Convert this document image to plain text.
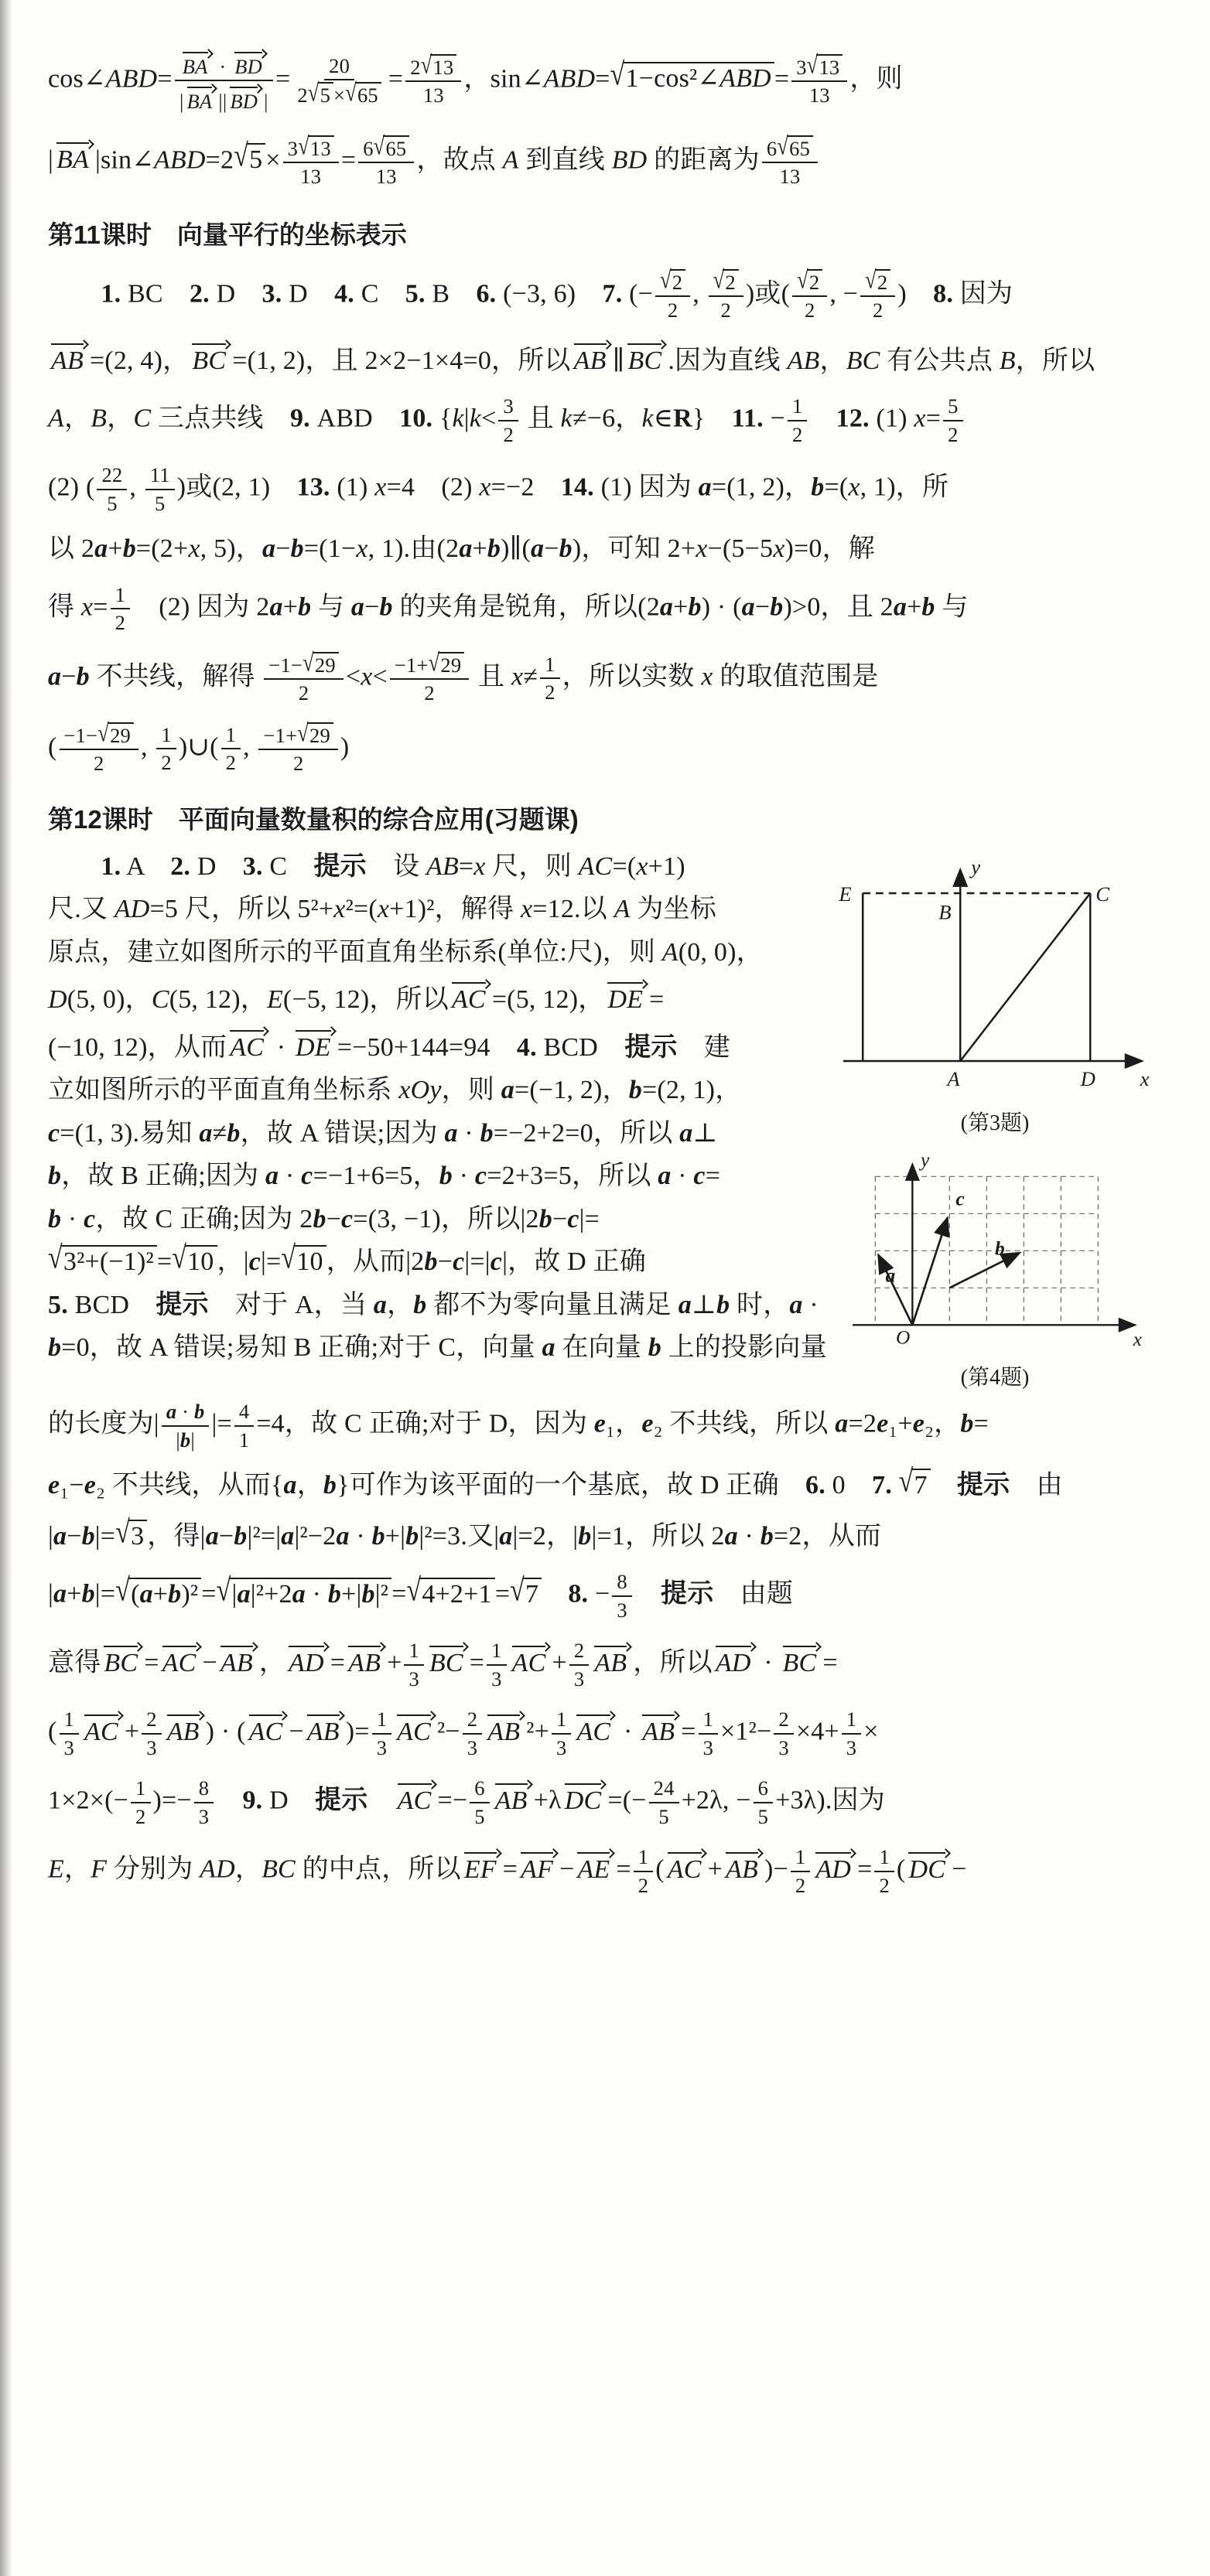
cos∠ABD= $\frac{BA \cdot BD}{| BA || BD |} = \frac{20}{2√5 \times√65} = \frac{2√13}{13}$ ，sin∠ABD=√1−cos²∠ABD = $\frac{3√13}{13}$ ，则
| BA |sin∠ABD=2√5 × $\frac{3√13}{13} = \frac{6√65}{13}$ ，故点 A 到直线 BD 的距离为 $\frac{6√65}{13}$
第11课时　向量平行的坐标表示
　　1. BC　2. D　3. D　4. C　5. B　6. (−3, 6)　7. (− $\frac{√2}{2}$ , $\frac{√2}{2}$ )或( $\frac{√2}{2}$ , − $\frac{√2}{2}$ )　8. 因为
AB =(2, 4)， BC =(1, 2)，且 2×2−1×4=0，所以 AB ∥ BC .因为直线 AB，BC 有公共点 B，所以
A，B，C 三点共线　9. ABD　10. {$k|k< \frac{3}{2}$ 且 k≠−6，k∈R}　11. − $\frac{1}{2}$
　 12. (1) $x= \frac{5}{2}$
(2) ( $\frac{22}{5}$ , $\frac{11}{5}$ )或(2, 1)　13. (1) x=4　(2) x=−2　14. (1) 因为 a=(1, 2)，b=(x, 1)，所
以 2a+b=(2+x, 5)，a−b=(1−x, 1).由(2a+b)∥(a−b)，可知 2+x−(5−5x)=0，解
得 $x= \frac{1}{2}$ 　(2) 因为 2a+b 与 a−b 的夹角是锐角，所以(2a+b) · (a−b)>0，且 2a+b 与
a−b 不共线，解得 $\frac{-1-√29}{2} <x< \frac{-1+√29}{2}$ 且 $x\ne \frac{1}{2}$ ，所以实数 x 的取值范围是
( $\frac{-1-√29}{2}$ , $\frac{1}{2}$ )∪( $\frac{1}{2}$ , $\frac{-1+√29}{2}$ )
第12课时　平面向量数量积的综合应用(习题课)
　　1. A　2. D　3. C　提示　设 AB=x 尺，则 AC=(x+1)
尺.又 AD=5 尺，所以 5²+x²=(x+1)²，解得 x=12.以 A 为坐标
原点，建立如图所示的平面直角坐标系(单位:尺)，则 A(0, 0)，
D(5, 0)，C(5, 12)，E(−5, 12)，所以 AC =(5, 12)， DE =
(−10, 12)，从而 AC · DE =−50+144=94　4. BCD　提示　建
立如图所示的平面直角坐标系 xOy，则 a=(−1, 2)，b=(2, 1)，
c=(1, 3).易知 a≠b，故 A 错误;因为 a · b=−2+2=0，所以 a⊥
b，故 B 正确;因为 a · c=−1+6=5，b · c=2+3=5，所以 a · c=
b · c，故 C 正确;因为 2b−c=(3, −1)，所以|2b−c|=
√3²+(−1)² =√10 ，|c|=√10 ，从而|2b−c|=|c|，故 D 正确
5. BCD　提示　对于 A，当 a，b 都不为零向量且满足 a⊥b 时，a ·
b=0，故 A 错误;易知 B 正确;对于 C，向量 a 在向量 b 上的投影向量
E
B
C
A	D
y
x
(第3题)
a
b
c
O	x
y
(第4题)
的长度为| $\frac{a \cdot b}{|b|}$ |= $\frac{4}{1} =4$，故 C 正确;对于 D，因为 e₁，e₂ 不共线，所以 a=2e₁+e₂，b=
e₁−e₂ 不共线，从而{a，b}可作为该平面的一个基底，故 D 正确　6. 0　7. √7　 提示　由
|a−b|=√3 ，得|a−b|²=|a|²−2a · b+|b|²=3.又|a|=2，|b|=1，所以 2a · b=2，从而
|a+b|=√(a+b)² =√|a|²+2a · b+|b|² =√4+2+1 =√7　 8. − $\frac{8}{3}$
　 提示　由题
意得 BC = AC − AB ， AD = AB + $\frac{1}{3}$ BC = $\frac{1}{3}$ AC + $\frac{2}{3}$ AB ，所以 AD · BC =
( $\frac{1}{3}$ AC + $\frac{2}{3}$ AB ) · ( AC − AB )= $\frac{1}{3}$ AC $^2- \frac{2}{3}$ AB $^2+ \frac{1}{3}$ AC · AB = $\frac{1}{3} \times 1^2- \frac{2}{3} \times 4+ \frac{1}{3}$ ×
$1\times 2\times(- \frac{1}{2}$ )=− $\frac{8}{3}$
　 9. D　提示　 AC =− $\frac{6}{5}$ AB +λ DC =(− $\frac{24}{5} +2\lambda$, − $\frac{6}{5} +3\lambda$).因为
E，F 分别为 AD，BC 的中点，所以 EF = AF − AE = $\frac{1}{2}$ ( AC + AB )− $\frac{1}{2}$ AD = $\frac{1}{2}$ ( DC −
